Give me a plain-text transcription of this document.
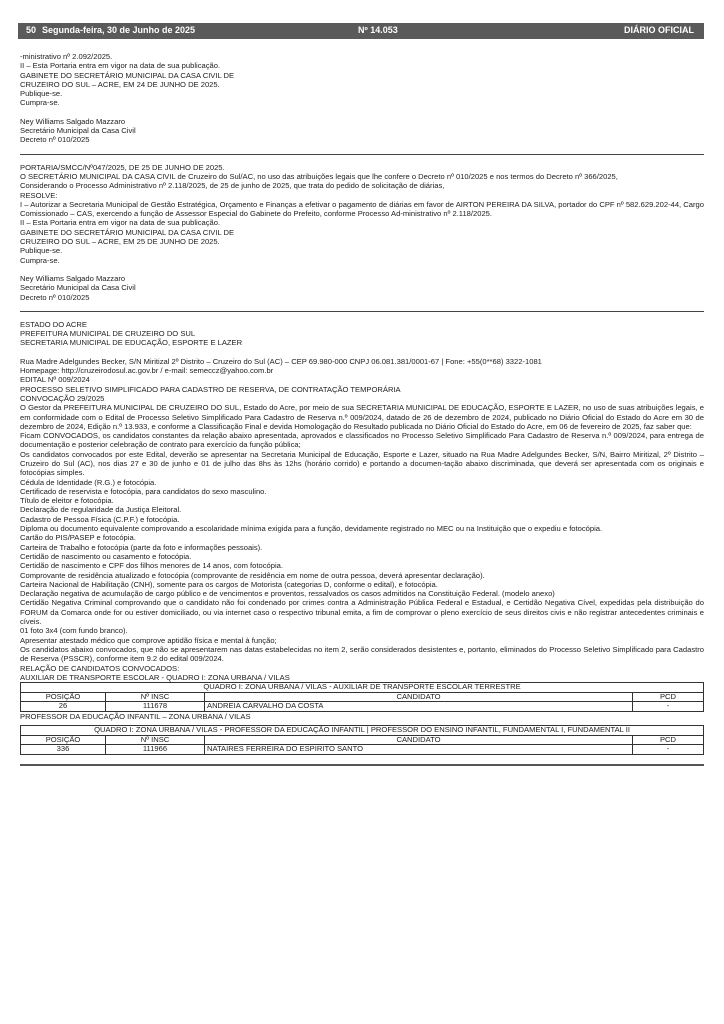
50 Segunda-feira, 30 de Junho de 2025	Nº 14.053	DIÁRIO OFICIAL

-ministrativo nº 2.092/2025.

II – Esta Portaria entra em vigor na data de sua publicação.

GABINETE DO SECRETÁRIO MUNICIPAL DA CASA CIVIL DE

CRUZEIRO DO SUL – ACRE, EM 24 DE JUNHO DE 2025.

Publique-se.

Cumpra-se.

Ney Williams Salgado Mazzaro

Secretário Municipal da Casa Civil

Decreto nº 010/2025

PORTARIA/SMCC/Nº047/2025, DE 25 DE JUNHO DE 2025.

O SECRETÁRIO MUNICIPAL DA CASA CIVIL de Cruzeiro do Sul/AC, no uso das atribuições legais que lhe confere o Decreto nº 010/2025 e nos termos do Decreto nº 366/2025,

Considerando o Processo Administrativo nº 2.118/2025, de 25 de junho de 2025, que trata do pedido de solicitação de diárias,

RESOLVE:

I – Autorizar a Secretaria Municipal de Gestão Estratégica, Orçamento e Finanças a efetivar o pagamento de diárias em favor de AIRTON PEREIRA DA SILVA, portador do CPF nº 582.629.202-44, Cargo Comissionado – CAS, exercendo a função de Assessor Especial do Gabinete do Prefeito, conforme Processo Ad-ministrativo nº 2.118/2025.

II – Esta Portaria entra em vigor na data de sua publicação.

GABINETE DO SECRETÁRIO MUNICIPAL DA CASA CIVIL DE

CRUZEIRO DO SUL – ACRE, EM 25 DE JUNHO DE 2025.

Publique-se.

Cumpra-se.

Ney Williams Salgado Mazzaro

Secretário Municipal da Casa Civil

Decreto nº 010/2025

ESTADO DO ACRE

PREFEITURA MUNICIPAL DE CRUZEIRO DO SUL

SECRETARIA MUNICIPAL DE EDUCAÇÃO, ESPORTE E LAZER

Rua Madre Adelgundes Becker, S/N Miritizal 2º Distrito – Cruzeiro do Sul (AC) – CEP 69.980-000 CNPJ 06.081.381/0001-67 | Fone: +55(0**68) 3322-1081

Homepage: http://cruzeirodosul.ac.gov.br / e-mail: semeccz@yahoo.com.br

EDITAL Nº 009/2024

PROCESSO SELETIVO SIMPLIFICADO PARA CADASTRO DE RESERVA, DE CONTRATAÇÃO TEMPORÁRIA

CONVOCAÇÃO 29/2025

O Gestor da PREFEITURA MUNICIPAL DE CRUZEIRO DO SUL, Estado do Acre, por meio de sua SECRETARIA MUNICIPAL DE EDUCAÇÃO, ESPORTE E LAZER, no uso de suas atribuições legais, e em conformidade com o Edital de Processo Seletivo Simplificado Para Cadastro de Reserva n.º 009/2024, datado de 26 de dezembro de 2024, publicado no Diário Oficial do Estado do Acre em 30 de dezembro de 2024, Edição n.º 13.933, e conforme a Classificação Final e devida Homologação do Resultado publicada no Diário Oficial do Estado do Acre, em 06 de fevereiro de 2025, faz saber que:

Ficam CONVOCADOS, os candidatos constantes da relação abaixo apresentada, aprovados e classificados no Processo Seletivo Simplificado Para Cadastro de Reserva n.º 009/2024, para entrega de documentação e posterior celebração de contrato para exercício da função pública;

Os candidatos convocados por este Edital, deverão se apresentar na Secretaria Municipal de Educação, Esporte e Lazer, situado na Rua Madre Adelgundes Becker, S/N, Bairro Miritizal, 2º Distrito – Cruzeiro do Sul (AC), nos dias 27 e 30 de junho e 01 de julho das 8hs às 12hs (horário corrido) e portando a documen-tação abaixo discriminada, que deverá ser apresentada com os originais e fotocópias simples.

Cédula de Identidade (R.G.) e fotocópia.

Certificado de reservista e fotocópia, para candidatos do sexo masculino.

Título de eleitor e fotocópia.

Declaração de regularidade da Justiça Eleitoral.

Cadastro de Pessoa Física (C.P.F.) e fotocópia.

Diploma ou documento equivalente comprovando a escolaridade mínima exigida para a função, devidamente registrado no MEC ou na Instituição que o expediu e fotocópia.

Cartão do PIS/PASEP e fotocópia.

Carteira de Trabalho e fotocópia (parte da foto e informações pessoais).

Certidão de nascimento ou casamento e fotocópia.

Certidão de nascimento e CPF dos filhos menores de 14 anos, com fotocópia.

Comprovante de residência atualizado e fotocópia (comprovante de residência em nome de outra pessoa, deverá apresentar declaração).

Carteira Nacional de Habilitação (CNH), somente para os cargos de Motorista (categorias D, conforme o edital), e fotocópia.

Declaração negativa de acumulação de cargo público e de vencimentos e proventos, ressalvados os casos admitidos na Constituição Federal. (modelo anexo)

Certidão Negativa Criminal comprovando que o candidato não foi condenado por crimes contra a Administração Pública Federal e Estadual, e Certidão Negativa Cível, expedidas pela distribuição do FORUM da Comarca onde for ou estiver domiciliado, ou via internet caso o respectivo tribunal emita, a fim de comprovar o pleno exercício de seus direitos civis e não registrar antecedentes criminais e cíveis.

01 foto 3x4 (com fundo branco).

Apresentar atestado médico que comprove aptidão física e mental à função;

Os candidatos abaixo convocados, que não se apresentarem nas datas estabelecidas no item 2, serão considerados desistentes e, portanto, eliminados do Processo Seletivo Simplificado para Cadastro de Reserva (PSSCR), conforme item 9.2 do edital 009/2024.

RELAÇÃO DE CANDIDATOS CONVOCADOS:

AUXILIAR DE TRANSPORTE ESCOLAR - QUADRO I: ZONA URBANA / VILAS

QUADRO I: ZONA URBANA / VILAS - AUXILIAR DE TRANSPORTE ESCOLAR TERRESTRE			
POSIÇÃO	Nº INSC	CANDIDATO	PCD
26	111678	ANDREIA CARVALHO DA COSTA	-

PROFESSOR DA EDUCAÇÃO INFANTIL – ZONA URBANA / VILAS

QUADRO I: ZONA URBANA / VILAS - PROFESSOR DA EDUCAÇÃO INFANTIL | PROFESSOR DO ENSINO INFANTIL, FUNDAMENTAL I, FUNDAMENTAL II			
POSIÇÃO	Nº INSC	CANDIDATO	PCD
336	111966	NATAIRES FERREIRA DO ESPIRITO SANTO	-
